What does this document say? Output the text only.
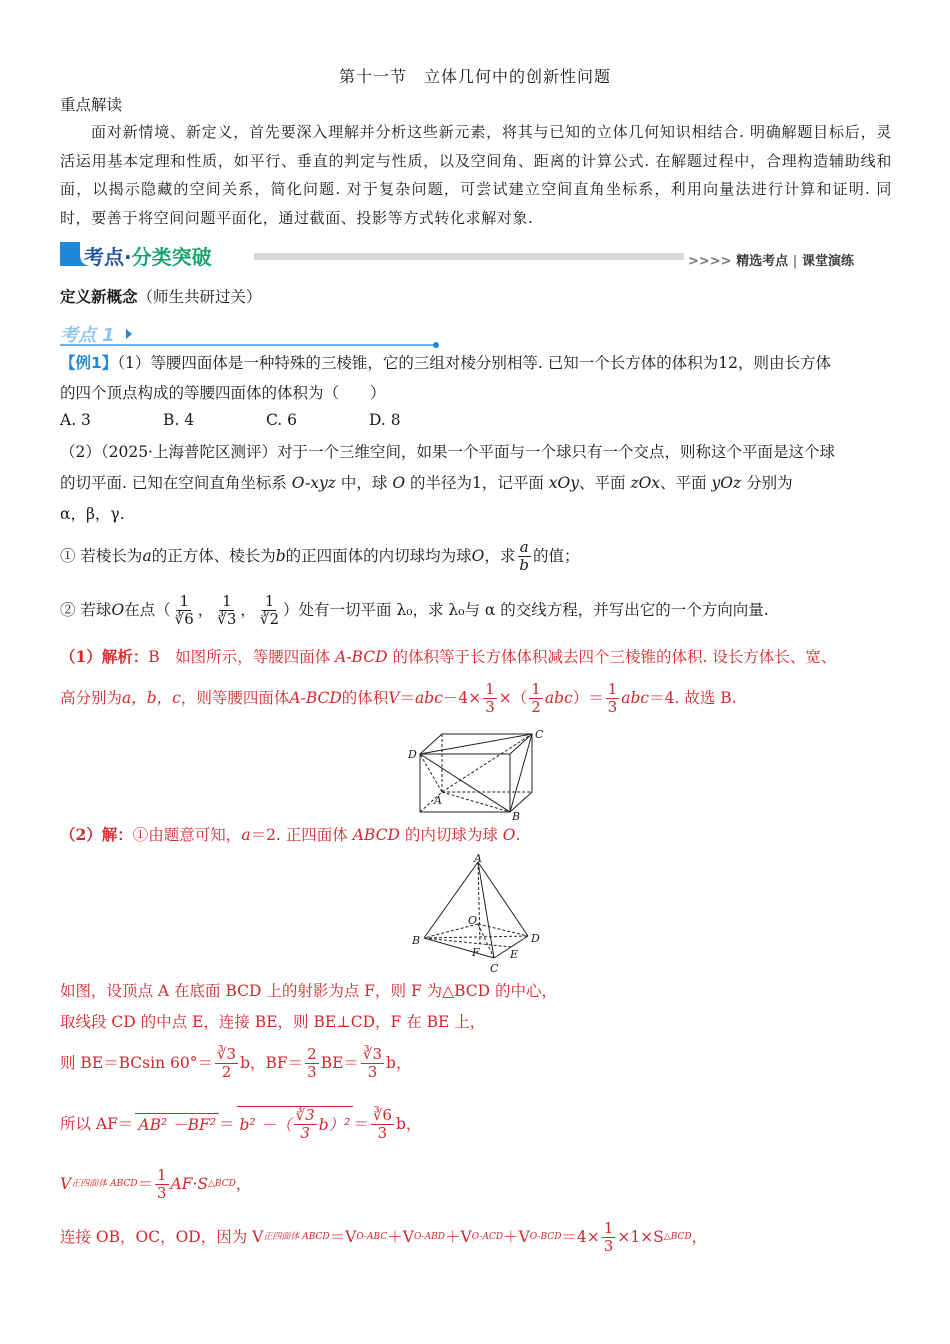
第十一节　立体几何中的创新性问题
重点解读
面对新情境、新定义，首先要深入理解并分析这些新元素，将其与已知的立体几何知识相结合. 明确解题目标后，灵活运用基本定理和性质，如平行、垂直的判定与性质，以及空间角、距离的计算公式. 在解题过程中，合理构造辅助线和面，以揭示隐藏的空间关系，简化问题. 对于复杂问题，可尝试建立空间直角坐标系，利用向量法进行计算和证明. 同时，要善于将空间问题平面化，通过截面、投影等方式转化求解对象.
考点·分类突破	>>>> 精选考点 | 课堂演练
定义新概念（师生共研过关）
考点 1
【例1】（1）等腰四面体是一种特殊的三棱锥，它的三组对棱分别相等. 已知一个长方体的体积为12，则由长方体
的四个顶点构成的等腰四面体的体积为（　　）
A. 3	B. 4	C. 6	D. 8
（2）（2025·上海普陀区测评）对于一个三维空间，如果一个平面与一个球只有一个交点，则称这个平面是这个球
的切平面. 已知在空间直角坐标系 O-xyz 中，球 O 的半径为1，记平面 xOy、平面 zOx、平面 yOz 分别为
α，β，γ.
① 若棱长为 a 的正方体、棱长为 b 的正四面体的内切球均为球 O ，求 $\frac{a}{b}$ 的值；
② 若球 O 在点（ $\frac{1}{∛6}$ ， $\frac{1}{∛3}$ ， $\frac{1}{∛2}$ ）处有一切平面 λ₀，求 λ₀与 α 的交线方程，并写出它的一个方向向量.
（1）解析：B　如图所示，等腰四面体 A-BCD 的体积等于长方体体积减去四个三棱锥的体积. 设长方体长、宽、
高分别为 a，b，c ，则等腰四面体 A-BCD 的体积 V ＝ abc $-4\times \frac{1}{3}$ ×（ $\frac{1}{2}$ abc ）＝ $\frac{1}{3}$ abc ＝4. 故选 B.
D
C
A
B
（2）解：①由题意可知，a＝2. 正四面体 ABCD 的内切球为球 O.
A
O
B
F
D
E
C
如图，设顶点 A 在底面 BCD 上的射影为点 F，则 F 为△BCD 的中心，
取线段 CD 的中点 E，连接 BE，则 BE⊥CD，F 在 BE 上，
则 BE＝BCsin $60^\circ= \frac{∛3}{2}$ b，$BF= \frac{2}{3} BE= \frac{∛3}{3}$ b，
所以 AF＝ AB² －BF² ＝ b² －（ $\frac{∛3}{3} b)^2 = \frac{∛6}{3}$ b，
V 正四面体 ABCD ＝ $\frac{1}{3} AF\cdot S$ △BCD ，
连接 OB，OC，OD，因为 V 正四面体 ABCD ＝V O-ABC ＋V O-ABD ＋V O-ACD ＋V $O-BCD =4\times \frac{1}{3} \times 1\times S$ △BCD ，
